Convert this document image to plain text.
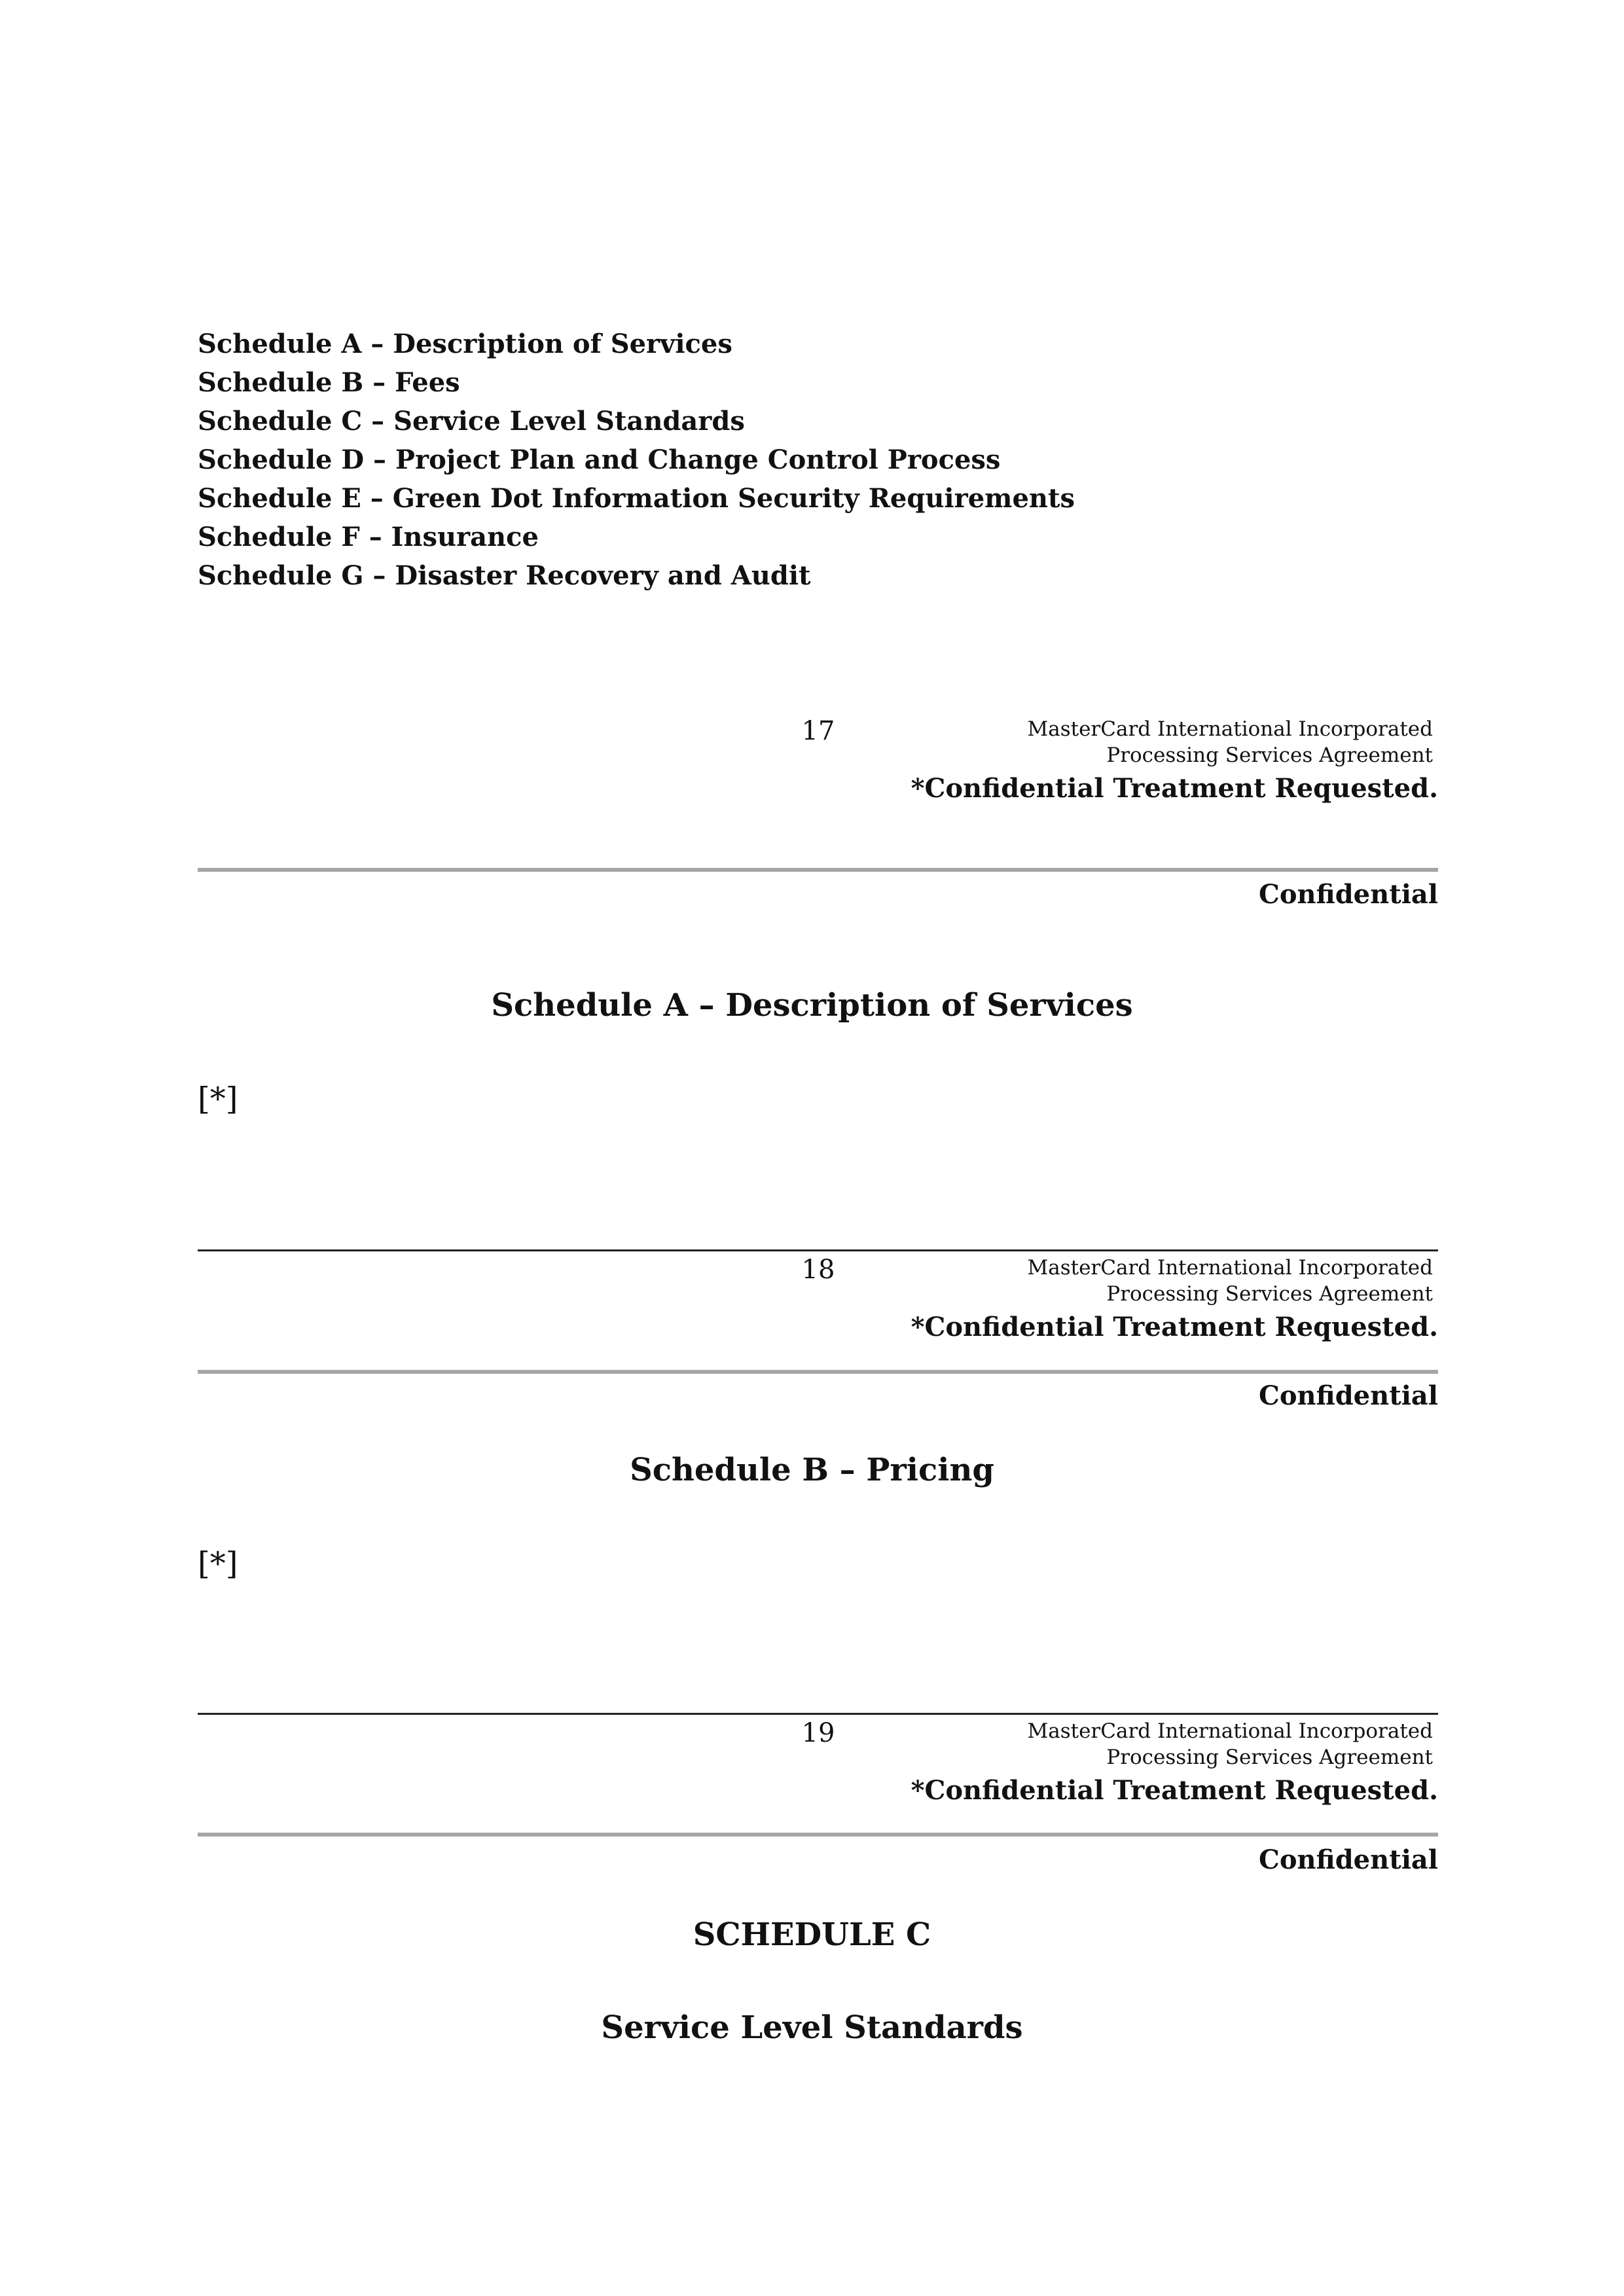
Schedule A – Description of Services
Schedule B – Fees
Schedule C – Service Level Standards
Schedule D – Project Plan and Change Control Process
Schedule E – Green Dot Information Security Requirements
Schedule F – Insurance
Schedule G – Disaster Recovery and Audit
17	MasterCard International Incorporated
Processing Services Agreement
*Confidential Treatment Requested.
Confidential
Schedule A – Description of Services
[*]
18	MasterCard International Incorporated
Processing Services Agreement
*Confidential Treatment Requested.
Confidential
Schedule B – Pricing
[*]
19	MasterCard International Incorporated
Processing Services Agreement
*Confidential Treatment Requested.
Confidential
SCHEDULE C
Service Level Standards
